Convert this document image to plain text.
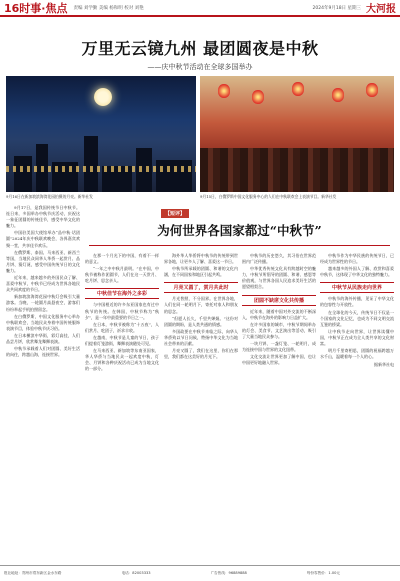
16时事·焦点 责编 刘学勤 美编 杨和明 校对 刘艳	2024年9月18日 星期三 大河报
万里无云镜九州 最团圆夜是中秋
——庆中秋节活动在全球多国举办
9月16日在新加坡滨海湾花园拍摄的月亮。新华社发	9月15日，白俄罗斯中国文化服务中心的人们在中秋联欢会上表演节目。新华社发
【短评】
为何世界各国家都过“中秋节”

9月17日，是我国传统节日中秋节。连日来，多国举办中秋节庆活动，庆祝这一象征团圆的传统佳节，感受中华文化的魅力。

中国驻美国大使馆举办“品中秋·话团圆”2024年庆中秋联欢晚会，各界嘉宾欢聚一堂，共享佳节欢乐。

在俄罗斯、泰国、马来西亚、新西兰等国，当地民众同华人华侨一起赏月、品月饼、猜灯谜，感受中国传统节日的文化魅力。

近年来，越来越多的外国民众了解、喜爱中秋节，中秋节已经成为世界各地民众共同欢度的节日。

新加坡滨海湾花园中秋灯会吸引大量游客。当晚，一轮圆月高悬夜空，游客们纷纷举起手机拍照留念。

在白俄罗斯，中国文化服务中心举办中秋联欢会，当地民众身着中国传统服饰表演节目，体验中秋节庆习俗。

在日本横滨中华街，彩灯高挂，人们品尝月饼，欣赏舞龙舞狮表演。

中秋节承载着人们对团圆、美好生活的向往，跨越山海，连接世界。

在那一个月光下的中国，有着不一样的意义。

“一年之中中秋月最明。”在中国，中秋节被称作团圆节，人们在这一天赏月、吃月饼、思念亲人。

中秋佳节在海外之多彩

与中国相近的许多东亚国家也有过中秋节的传统。在韩国，中秋节称为“秋夕”，是一年中最重要的节日之一。

在日本，中秋节被称为“十五夜”，人们赏月、吃团子，祈求丰收。

在越南，中秋节是儿童的节日，孩子们提着灯笼游街，舞狮表演随处可见。

在马来西亚、新加坡等东南亚国家，华人华侨与当地民众一起欢度中秋，灯会、月饼和各种庆祝活动已成为当地文化的一部分。

海外华人华侨将中秋节的传统带到世界各地，让更多人了解、喜爱这一节日。

中秋节所承载的团圆、和谐的文化内涵，在不同国家和地区引起共鸣。

月亮又圆了，赏月共此时

月光普照，不分国界。在世界各地，人们在同一轮明月下，寄托对家人和朋友的思念。

“但愿人长久，千里共婵娟。”这份对团圆的期盼，是人类共通的情感。

多国政要在中秋节来临之际，向华人华侨致以节日问候，赞扬中华文化为当地社会带来的贡献。

月亮又圆了，我们在这里，你们在那里，我们都在这美好的月光下。

中秋节的历史悠久，其习俗在世界范围内广泛传播。

中华优秀传统文化具有跨越时空的魅力，中秋节所倡导的团圆、和谐、感恩等价值观，与世界各国人民追求美好生活的愿望相契合。

团圆不缺席文化共传播

近年来，随着中国对外交流的不断深入，中秋节在海外的影响力日益扩大。

在许多国家的城市，中秋节期间举办的灯会、美食节、文艺演出等活动，吸引了大量当地民众参与。

一块月饼、一盏灯笼、一轮明月，成为连接中国与世界的文化纽带。

文化交流让世界更加了解中国，也让中国更好地融入世界。

中秋节作为中华民族的传统节日，已经成为世界性的节日。

越来越多的外国人了解、欣赏和喜爱中秋节，这体现了中华文化的独特魅力。

中秋节从民族走向世界

中秋节的海外传播，见证了中华文化的包容性与开放性。

在全球化的今天，传统节日不仅是一个国家的文化记忆，也成为不同文明交流互鉴的桥梁。

让中秋节走向世界，让世界读懂中国，中秋节正在成为全人类共享的文化财富。

明月千里寄相思，团圆的祝福跨越万水千山，温暖着每一个人的心。

据新华社电

报社地址：郑州市郑东新区金水东路	电话：82003333	广告热线：96889888	每份零售价：1.00元
